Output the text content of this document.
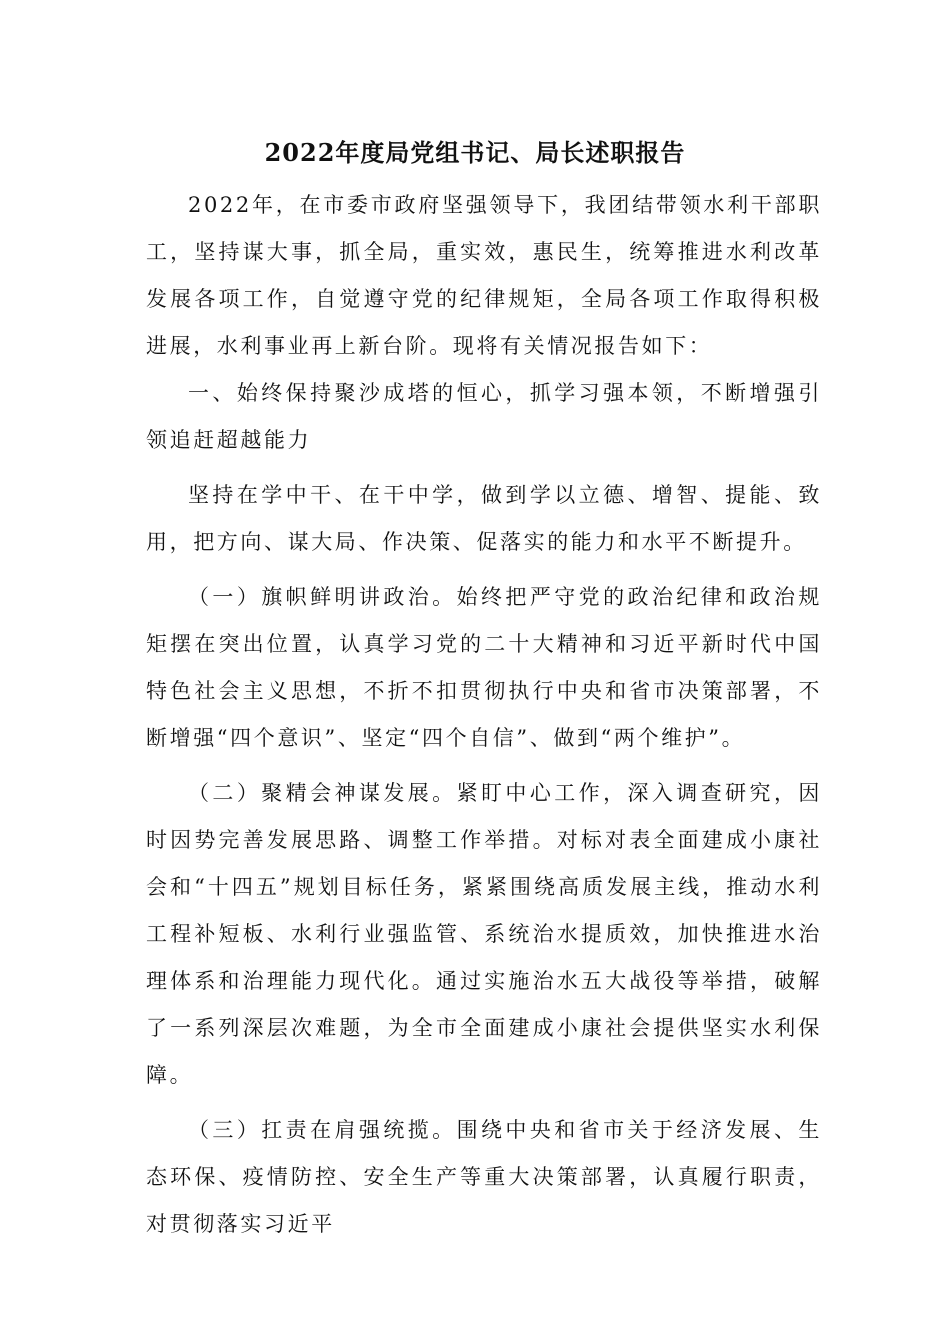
2022年度局党组书记、局长述职报告

2022年，在市委市政府坚强领导下，我团结带领水利干部职工，坚持谋大事，抓全局，重实效，惠民生，统筹推进水利改革发展各项工作，自觉遵守党的纪律规矩，全局各项工作取得积极进展，水利事业再上新台阶。现将有关情况报告如下：

一、始终保持聚沙成塔的恒心，抓学习强本领，不断增强引领追赶超越能力

坚持在学中干、在干中学，做到学以立德、增智、提能、致用，把方向、谋大局、作决策、促落实的能力和水平不断提升。

（一）旗帜鲜明讲政治。始终把严守党的政治纪律和政治规矩摆在突出位置，认真学习党的二十大精神和习近平新时代中国特色社会主义思想，不折不扣贯彻执行中央和省市决策部署，不断增强“四个意识”、坚定“四个自信”、做到“两个维护”。

（二）聚精会神谋发展。紧盯中心工作，深入调查研究，因时因势完善发展思路、调整工作举措。对标对表全面建成小康社会和“十四五”规划目标任务，紧紧围绕高质发展主线，推动水利工程补短板、水利行业强监管、系统治水提质效，加快推进水治理体系和治理能力现代化。通过实施治水五大战役等举措，破解了一系列深层次难题，为全市全面建成小康社会提供坚实水利保障。

（三）扛责在肩强统揽。围绕中央和省市关于经济发展、生态环保、疫情防控、安全生产等重大决策部署，认真履行职责，对贯彻落实习近平
